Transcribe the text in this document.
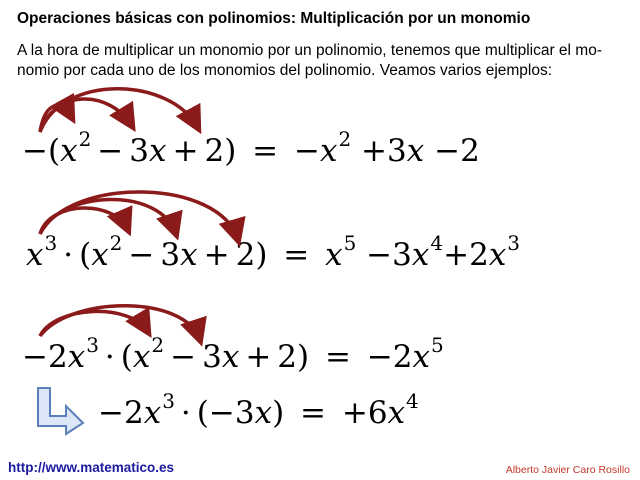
Operaciones básicas con polinomios: Multiplicación por un monomio
A la hora de multiplicar un monomio por un polinomio, tenemos que multiplicar el mo-nomio por cada uno de los monomios del polinomio. Veamos varios ejemplos:
$-(x^2 - 3x + 2) = -x^2 +3x -2$
$x^3 \cdot (x^2 - 3x + 2) = x^5 -3x^4+2x^3$
$-2x^3 \cdot (x^2 - 3x + 2) = -2x^5$
$-2x^3 \cdot (-3x) = +6x^4$
http://www.matematico.es	Alberto Javier Caro Rosillo
